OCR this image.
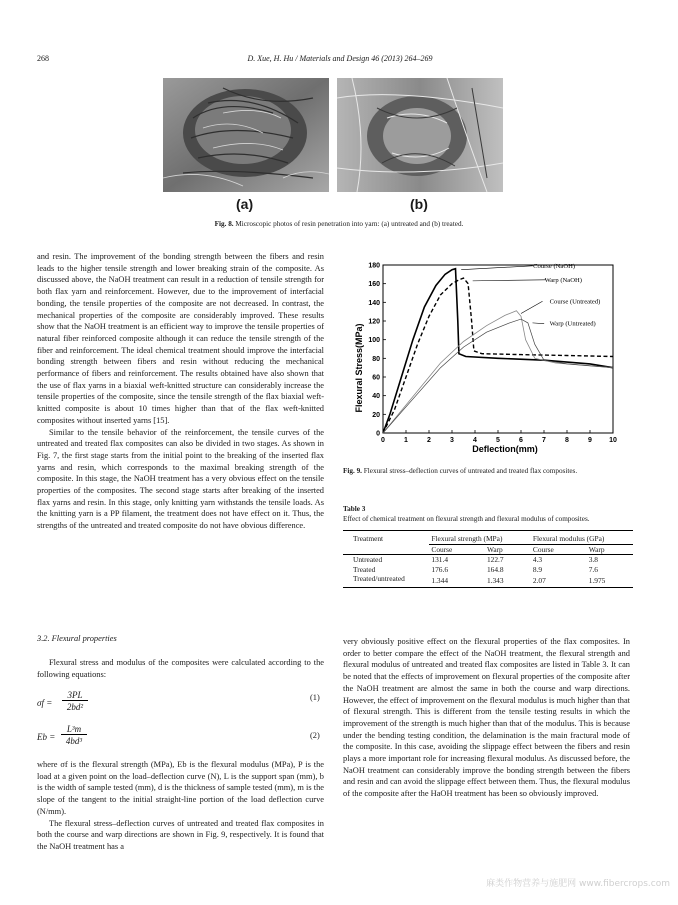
268	D. Xue, H. Hu / Materials and Design 46 (2013) 264–269
(a)	(b)
Fig. 8. Microscopic photos of resin penetration into yarn: (a) untreated and (b) treated.

and resin. The improvement of the bonding strength between the fibers and resin leads to the higher tensile strength and lower breaking strain of the composite. As discussed above, the NaOH treatment can result in a reduction of tensile strength for both flax yarn and reinforcement. However, due to the improvement of interfacial bonding, the tensile properties of the composite are not decreased. In contrast, the mechanical properties of the composite are considerably improved. These results show that the NaOH treatment is an efficient way to improve the tensile properties of natural fiber reinforced composite although it can reduce the tensile strength of the fiber and reinforcement. The ideal chemical treatment should improve the interfacial bonding strength between fibers and resin without reducing the mechanical performance of fibers and reinforcement. The results obtained have also shown that the use of flax yarns in a biaxial weft-knitted structure can considerably increase the tensile properties of the composite, since the tensile strength of the flax biaxial weft-knitted composite is about 10 times higher than that of the flax weft-knitted composites without inserted yarns [15].

Similar to the tensile behavior of the reinforcement, the tensile curves of the untreated and treated flax composites can also be divided in two stages. As shown in Fig. 7, the first stage starts from the initial point to the breaking of the inserted flax yarns and resin, which corresponds to the maximal breaking strength of the composite. In this stage, the NaOH treatment has a very obvious effect on the tensile properties of the composites. The second stage starts after breaking of the inserted flax yarns and resin. In this stage, only knitting yarn withstands the tensile loads. As the knitting yarn is a PP filament, the treatment does not have effect on it. Thus, the strengths of the untreated and treated composite do not have obvious difference.

3.2. Flexural properties
Flexural stress and modulus of the composites were calculated according to the following equations:
σf =
3PL
2bd²
(1)
Eb =
L³m
4bd³
(2)

where σf is the flexural strength (MPa), Eb is the flexural modulus (MPa), P is the load at a given point on the load–deflection curve (N), L is the support span (mm), b is the width of sample tested (mm), d is the thickness of sample tested (mm), m is the slope of the tangent to the initial straight-line portion of the load deflection curve (N/mm).

The flexural stress–deflection curves of untreated and treated flax composites in both the course and warp directions are shown in Fig. 9, respectively. It is found that the NaOH treatment has a

0	1	2	3	4	5	6	7	8	9 10
0
20
40
60
80
100
120
140
160
180	Course (NaOH)
Warp (NaOH)
Course (Untreated)
Warp (Untreated)
Deflection(mm)
Flexural Stress(MPa)
Fig. 9. Flexural stress–deflection curves of untreated and treated flax composites.
Table 3
Effect of chemical treatment on flexural strength and flexural modulus of composites.
Treatment	Flexural strength (MPa)		Flexural modulus (GPa)	
	Course	Warp	Course	Warp
Untreated	131.4	122.7	4.3	3.8
Treated	176.6	164.8	8.9	7.6
Treated/untreated	1.344	1.343	2.07	1.975

very obviously positive effect on the flexural properties of the flax composites. In order to better compare the effect of the NaOH treatment, the flexural strength and flexural modulus of untreated and treated flax composites are listed in Table 3. It can be noted that the effects of improvement on flexural properties of the composite after the NaOH treatment are almost the same in both the course and warp directions. However, the effect of improvement on the flexural modulus is much higher than that of flexural strength. This is different from the tensile testing results in which the improvement of the strength is much higher than that of the modulus. This is because under the bending testing condition, the delamination is the main fractural mode of the composite. In this case, avoiding the slippage effect between the fibers and resin plays a more important role for increasing flexural modulus. As discussed before, the NaOH treatment can considerably improve the bonding strength between the fibers and resin and can avoid the slippage effect between them. Thus, the flexural modulus of the composite after the HaOH treatment has been so obviously improved.

麻类作物营养与施肥网 www.fibercrops.com
